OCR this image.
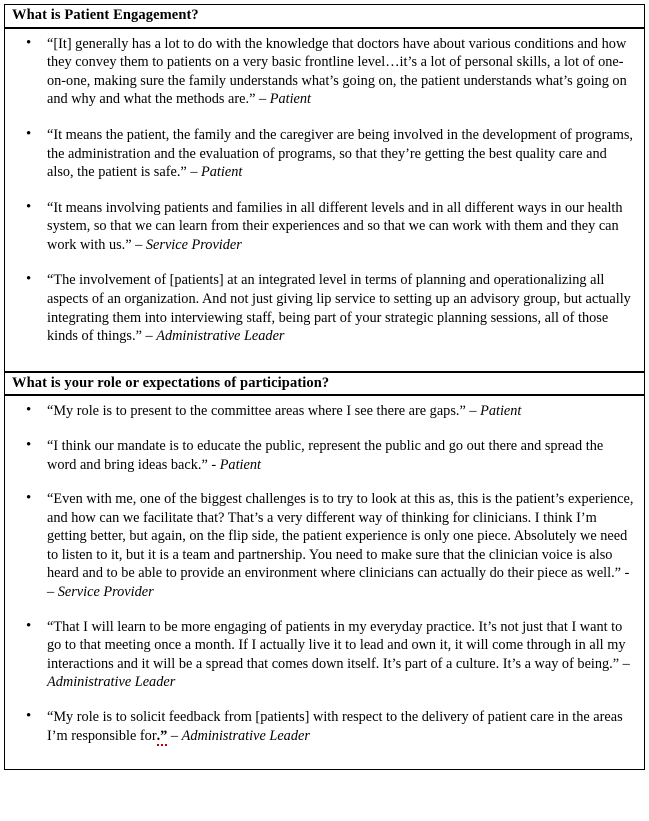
What is Patient Engagement?
• “[It] generally has a lot to do with the knowledge that doctors have about various conditions and how they convey them to patients on a very basic frontline level…it’s a lot of personal skills, a lot of one-on-one, making sure the family understands what’s going on, the patient understands what’s going on and why and what the methods are.” – Patient
• “It means the patient, the family and the caregiver are being involved in the development of programs, the administration and the evaluation of programs, so that they’re getting the best quality care and also, the patient is safe.” – Patient
• “It means involving patients and families in all different levels and in all different ways in our health system, so that we can learn from their experiences and so that we can work with them and they can work with us.” – Service Provider
• “The involvement of [patients] at an integrated level in terms of planning and operationalizing all aspects of an organization. And not just giving lip service to setting up an advisory group, but actually integrating them into interviewing staff, being part of your strategic planning sessions, all of those kinds of things.” – Administrative Leader
What is your role or expectations of participation?
• “My role is to present to the committee areas where I see there are gaps.” – Patient
• “I think our mandate is to educate the public, represent the public and go out there and spread the word and bring ideas back.” - Patient
• “Even with me, one of the biggest challenges is to try to look at this as, this is the patient’s experience, and how can we facilitate that? That’s a very different way of thinking for clinicians. I think I’m getting better, but again, on the flip side, the patient experience is only one piece. Absolutely we need to listen to it, but it is a team and partnership. You need to make sure that the clinician voice is also heard and to be able to provide an environment where clinicians can actually do their piece as well.” - – Service Provider
• “That I will learn to be more engaging of patients in my everyday practice. It’s not just that I want to go to that meeting once a month. If I actually live it to lead and own it, it will come through in all my interactions and it will be a spread that comes down itself. It’s part of a culture. It’s a way of being.” – Administrative Leader
• “My role is to solicit feedback from [patients] with respect to the delivery of patient care in the areas I’m responsible for.” – Administrative Leader
